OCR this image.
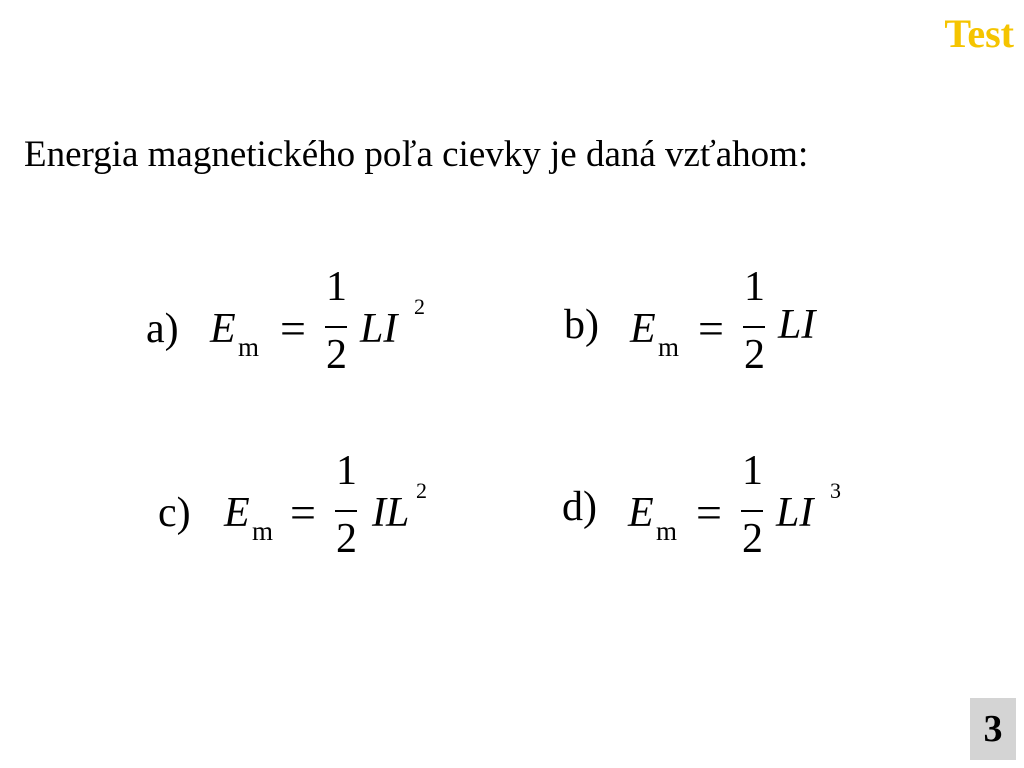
Test
Energia magnetického poľa cievky je daná vzťahom:
a) E m =
1
2
LI 2	b) E m =
1
2
LI
c) E m =
1
2
IL 2	d) E m =
1
2
LI 3
3
